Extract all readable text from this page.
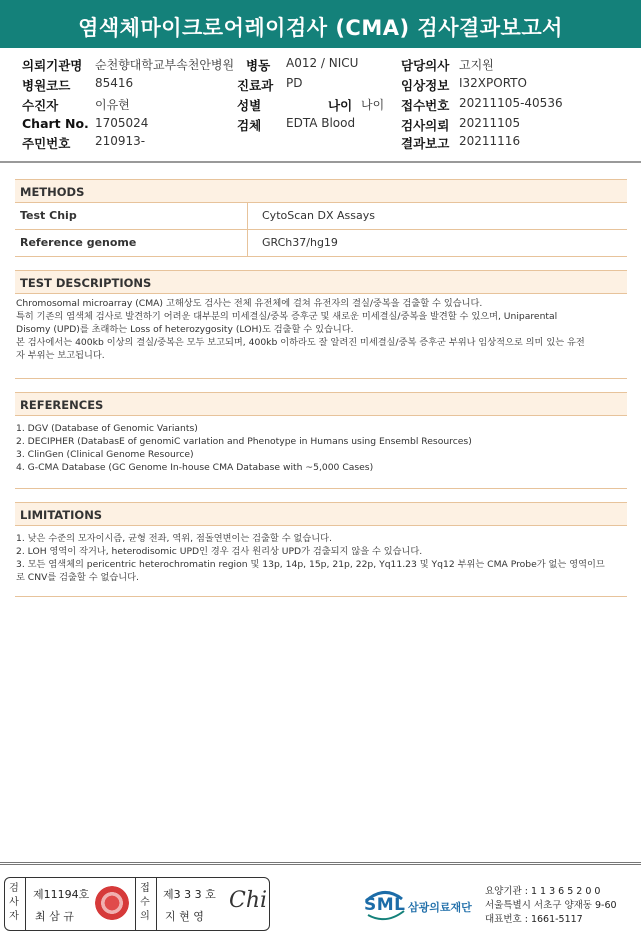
염색체마이크로어레이검사 (CMA) 검사결과보고서
의뢰기관명 순천향대학교부속천안병원
병원코드 85416
수진자	이유현
Chart No. 1705024
주민번호 210913-
병동 A012 / NICU
진료과 PD
성별	나이 나이
검체 EDTA Blood
담당의사 고지원
임상정보 I32XPORTO
접수번호 20211105-40536
검사의뢰 20211105
결과보고 20211116
METHODS
Test Chip	CytoScan DX Assays
Reference genome	GRCh37/hg19
TEST DESCRIPTIONS
Chromosomal microarray (CMA) 고해상도 검사는 전체 유전체에 걸쳐 유전자의 결실/중복을 검출할 수 있습니다.
특히 기존의 염색체 검사로 발견하기 어려운 대부분의 미세결실/중복 증후군 및 새로운 미세결실/중복을 발견할 수 있으며, Uniparental
Disomy (UPD)를 초래하는 Loss of heterozygosity (LOH)도 검출할 수 있습니다.
본 검사에서는 400kb 이상의 결실/중복은 모두 보고되며, 400kb 이하라도 잘 알려진 미세결실/중복 증후군 부위나 임상적으로 의미 있는 유전
자 부위는 보고됩니다.
REFERENCES
1. DGV (Database of Genomic Variants)
2. DECIPHER (DatabasE of genomiC varIation and Phenotype in Humans using Ensembl Resources)
3. ClinGen (Clinical Genome Resource)
4. G-CMA Database (GC Genome In-house CMA Database with ~5,000 Cases)
LIMITATIONS
1. 낮은 수준의 모자이시즘, 균형 전좌, 역위, 점돌연변이는 검출할 수 없습니다.
2. LOH 영역이 작거나, heterodisomic UPD인 경우 검사 원리상 UPD가 검출되지 않을 수 있습니다.
3. 모든 염색체의 pericentric heterochromatin region 및 13p, 14p, 15p, 21p, 22p, Yq11.23 및 Yq12 부위는 CMA Probe가 없는 영역이므
로 CNV를 검출할 수 없습니다.
검사자
제11194호
최 삼 규
접수의
제3 3 3 호
지 현 영
Chi	SML 삼광의료재단
요양기관 : 1 1 3 6 5 2 0 0
서울특별시 서초구 양재동 9-60
대표번호 : 1661-5117
